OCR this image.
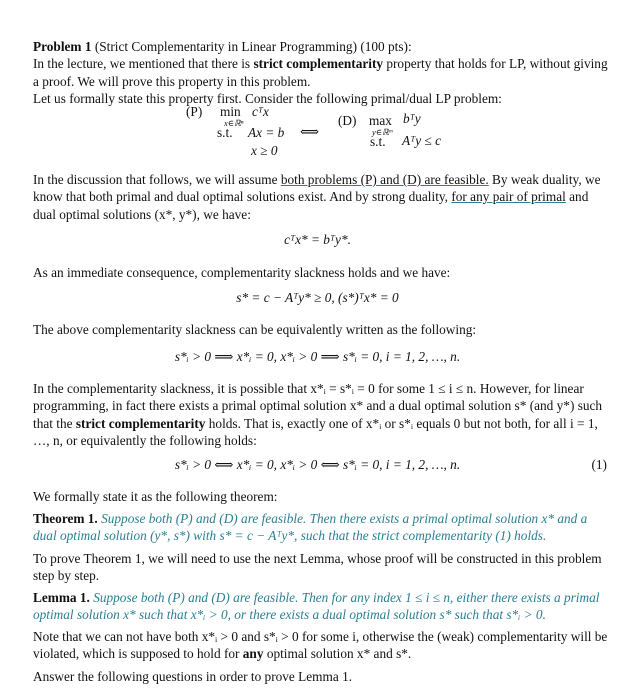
Problem 1 (Strict Complementarity in Linear Programming) (100 pts):
In the lecture, we mentioned that there is strict complementarity property that holds for LP, without giving a proof. We will prove this property in this problem.
Let us formally state this property first. Consider the following primal/dual LP problem:

(P) min
x∈ℝⁿ
cᵀx
s.t. Ax = b
x ≥ 0
⟺
(D) max
y∈ℝᵐ
bᵀy
s.t. Aᵀy ≤ c

In the discussion that follows, we will assume both problems (P) and (D) are feasible. By weak duality, we know that both primal and dual optimal solutions exist. And by strong duality, for any pair of primal and dual optimal solutions (x*, y*), we have:

cᵀx* = bᵀy*.

As an immediate consequence, complementarity slackness holds and we have:

s* = c − Aᵀy* ≥ 0, (s*)ᵀx* = 0

The above complementarity slackness can be equivalently written as the following:

s*ᵢ > 0 ⟹ x*ᵢ = 0, x*ᵢ > 0 ⟹ s*ᵢ = 0, i = 1, 2, …, n.

In the complementarity slackness, it is possible that x*ᵢ = s*ᵢ = 0 for some 1 ≤ i ≤ n. However, for linear programming, in fact there exists a primal optimal solution x* and a dual optimal solution s* (and y*) such that the strict complementarity holds. That is, exactly one of x*ᵢ or s*ᵢ equals 0 but not both, for all i = 1, …, n, or equivalently the following holds:

s*ᵢ > 0 ⟺ x*ᵢ = 0, x*ᵢ > 0 ⟺ s*ᵢ = 0, i = 1, 2, …, n.	(1)

We formally state it as the following theorem:

Theorem 1. Suppose both (P) and (D) are feasible. Then there exists a primal optimal solution x* and a dual optimal solution (y*, s*) with s* = c − Aᵀy*, such that the strict complementarity (1) holds.

To prove Theorem 1, we will need to use the next Lemma, whose proof will be constructed in this problem step by step.

Lemma 1. Suppose both (P) and (D) are feasible. Then for any index 1 ≤ i ≤ n, either there exists a primal optimal solution x* such that x*ᵢ > 0, or there exists a dual optimal solution s* such that s*ᵢ > 0.

Note that we can not have both x*ᵢ > 0 and s*ᵢ > 0 for some i, otherwise the (weak) complementarity will be violated, which is supposed to hold for any optimal solution x* and s*.

Answer the following questions in order to prove Lemma 1.
